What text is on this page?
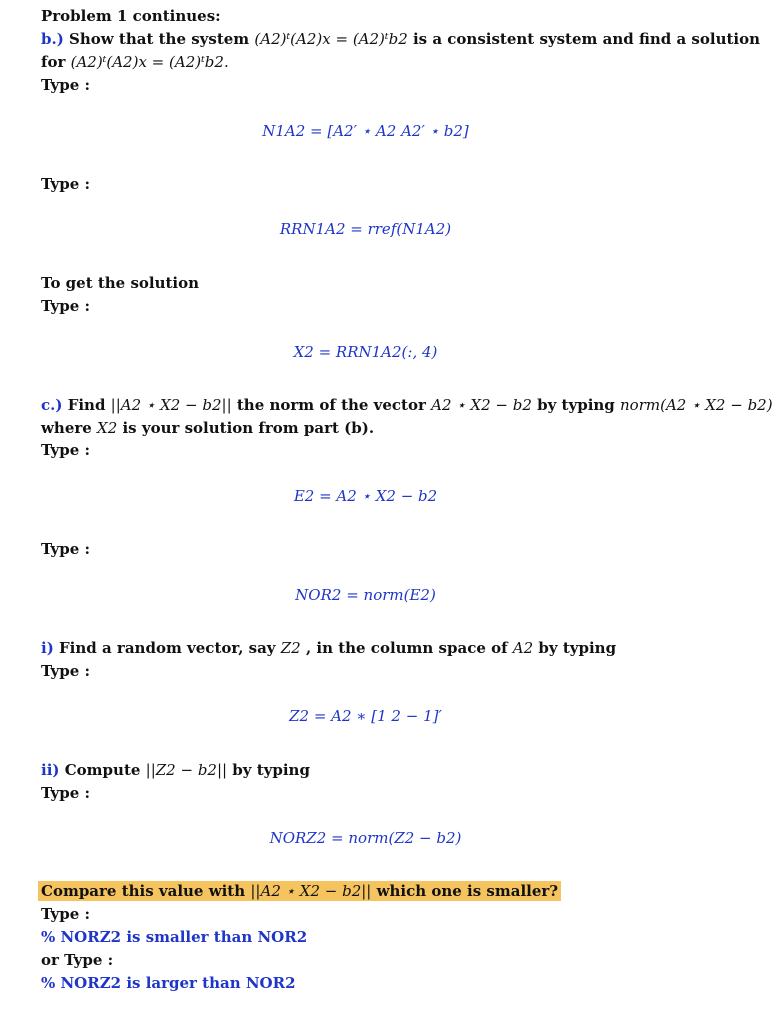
Problem 1 continues:
b.) Show that the system (A2)ᵗ(A2)x = (A2)ᵗb2 is a consistent system and find a solution
for (A2)ᵗ(A2)x = (A2)ᵗb2.
Type :
N1A2 = [A2′ ⋆ A2 A2′ ⋆ b2]
Type :
RRN1A2 = rref(N1A2)
To get the solution
Type :
X2 = RRN1A2(:, 4)
c.) Find ||A2 ⋆ X2 − b2|| the norm of the vector A2 ⋆ X2 − b2 by typing norm(A2 ⋆ X2 − b2)
where X2 is your solution from part (b).
Type :
E2 = A2 ⋆ X2 − b2
Type :
NOR2 = norm(E2)
i) Find a random vector, say Z2 , in the column space of A2 by typing
Type :
Z2 = A2 ∗ [1 2 − 1]′
ii) Compute ||Z2 − b2|| by typing
Type :
NORZ2 = norm(Z2 − b2)
Compare this value with ||A2 ⋆ X2 − b2|| which one is smaller?
Type :
% NORZ2 is smaller than NOR2
or Type :
% NORZ2 is larger than NOR2
